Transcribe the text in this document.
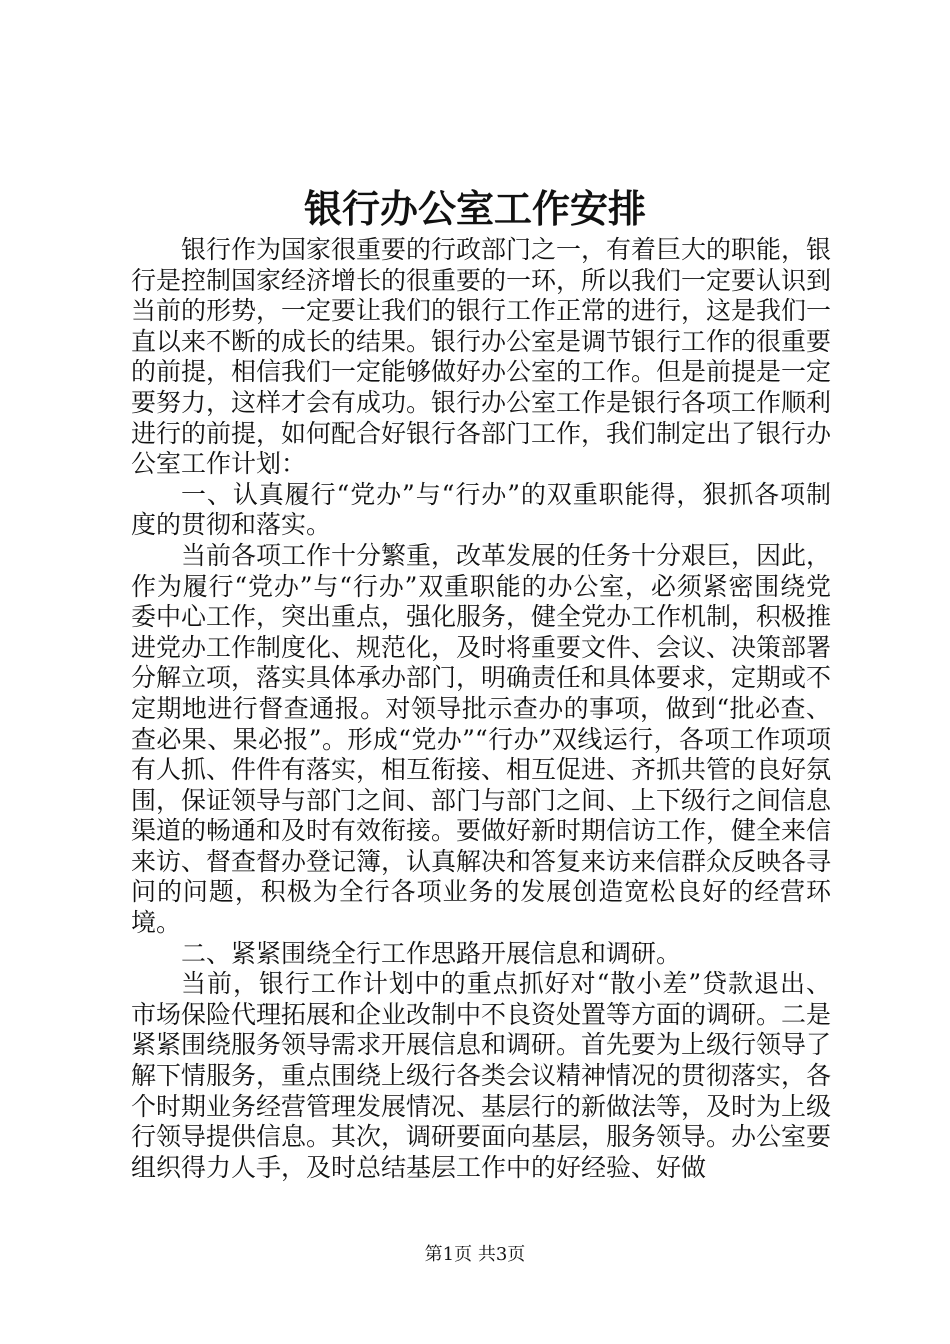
银行办公室工作安排

银行作为国家很重要的行政部门之一，有着巨大的职能，银行是控制国家经济增长的很重要的一环，所以我们一定要认识到当前的形势，一定要让我们的银行工作正常的进行，这是我们一直以来不断的成长的结果。银行办公室是调节银行工作的很重要的前提，相信我们一定能够做好办公室的工作。但是前提是一定要努力，这样才会有成功。银行办公室工作是银行各项工作顺利进行的前提，如何配合好银行各部门工作，我们制定出了银行办公室工作计划：

一、认真履行“党办”与“行办”的双重职能得，狠抓各项制度的贯彻和落实。

当前各项工作十分繁重，改革发展的任务十分艰巨，因此，作为履行“党办”与“行办”双重职能的办公室，必须紧密围绕党委中心工作，突出重点，强化服务，健全党办工作机制，积极推进党办工作制度化、规范化，及时将重要文件、会议、决策部署分解立项，落实具体承办部门，明确责任和具体要求，定期或不定期地进行督查通报。对领导批示查办的事项，做到“批必查、查必果、果必报”。形成“党办”“行办”双线运行，各项工作项项有人抓、件件有落实，相互衔接、相互促进、齐抓共管的良好氛围，保证领导与部门之间、部门与部门之间、上下级行之间信息渠道的畅通和及时有效衔接。要做好新时期信访工作，健全来信来访、督查督办登记簿，认真解决和答复来访来信群众反映各寻问的问题，积极为全行各项业务的发展创造宽松良好的经营环境。

二、紧紧围绕全行工作思路开展信息和调研。

当前，银行工作计划中的重点抓好对“散小差”贷款退出、市场保险代理拓展和企业改制中不良资处置等方面的调研。二是紧紧围绕服务领导需求开展信息和调研。首先要为上级行领导了解下情服务，重点围绕上级行各类会议精神情况的贯彻落实，各个时期业务经营管理发展情况、基层行的新做法等，及时为上级行领导提供信息。其次，调研要面向基层，服务领导。办公室要组织得力人手，及时总结基层工作中的好经验、好做

第1页 共3页
